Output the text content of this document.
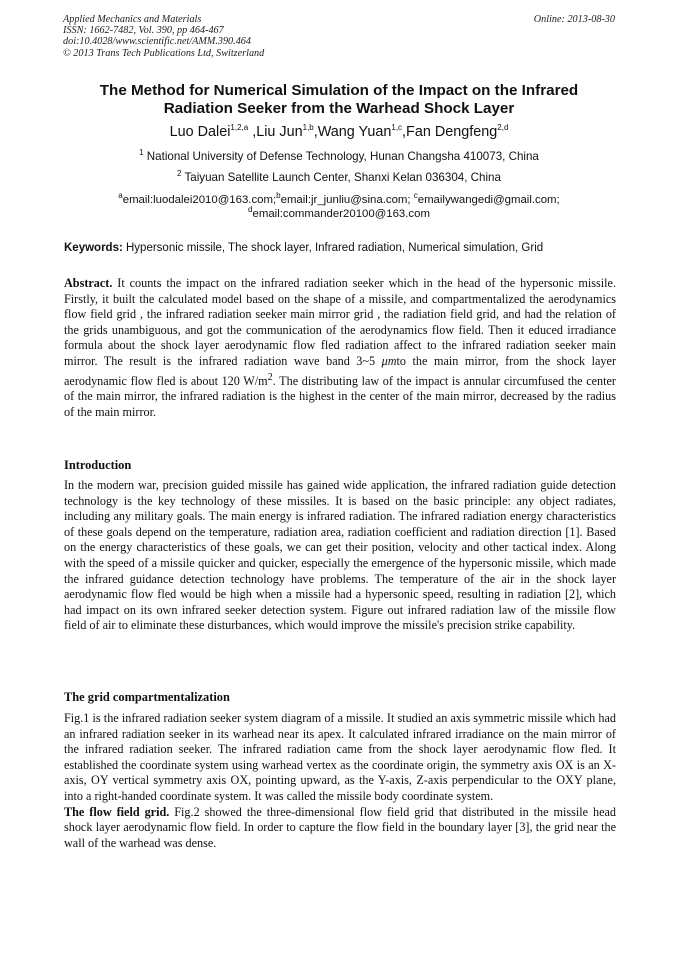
Applied Mechanics and Materials
ISSN: 1662-7482, Vol. 390, pp 464-467
doi:10.4028/www.scientific.net/AMM.390.464
© 2013 Trans Tech Publications Ltd, Switzerland
Online: 2013-08-30
The Method for Numerical Simulation of the Impact on the Infrared Radiation Seeker from the Warhead Shock Layer
Luo Dalei$^{1,2,a}$ ,Liu Jun$^{1,b}$,Wang Yuan$^{1,c}$,Fan Dengfeng$^{2,d}$
$^1$ National University of Defense Technology, Hunan Changsha 410073, China
$^2$ Taiyuan Satellite Launch Center, Shanxi Kelan 036304, China
$^a$email:luodalei2010@163.com;$^b$email:jr_junliu@sina.com; $^c$emailywangedi@gmail.com;
$^d$email:commander20100@163.com
Keywords: Hypersonic missile, The shock layer, Infrared radiation, Numerical simulation, Grid
Abstract. It counts the impact on the infrared radiation seeker which in the head of the hypersonic missile. Firstly, it built the calculated model based on the shape of a missile, and compartmentalized the aerodynamics flow field grid , the infrared radiation seeker main mirror grid , the radiation field grid, and had the relation of the grids unambiguous, and got the communication of the aerodynamics flow field. Then it educed irradiance formula about the shock layer aerodynamic flow fled radiation affect to the infrared radiation seeker main mirror. The result is the infrared radiation wave band 3~5 μmto the main mirror, from the shock layer aerodynamic flow fled is about 120 $W/m^2$. The distributing law of the impact is annular circumfused the center of the main mirror, the infrared radiation is the highest in the center of the main mirror, decreased by the radius of the main mirror.
Introduction
In the modern war, precision guided missile has gained wide application, the infrared radiation guide detection technology is the key technology of these missiles. It is based on the basic principle: any object radiates, including any military goals. The main energy is infrared radiation. The infrared radiation energy characteristics of these goals depend on the temperature, radiation area, radiation coefficient and radiation direction [1]. Based on the energy characteristics of these goals, we can get their position, velocity and other tactical index. Along with the speed of a missile quicker and quicker, especially the emergence of the hypersonic missile, which made the infrared guidance detection technology have problems. The temperature of the air in the shock layer aerodynamic flow fled would be high when a missile had a hypersonic speed, resulting in radiation [2], which had impact on its own infrared seeker detection system. Figure out infrared radiation law of the missile flow field of air to eliminate these disturbances, which would improve the missile's precision strike capability.
The grid compartmentalization
Fig.1 is the infrared radiation seeker system diagram of a missile. It studied an axis symmetric missile which had an infrared radiation seeker in its warhead near its apex. It calculated infrared irradiance on the main mirror of the infrared radiation seeker. The infrared radiation came from the shock layer aerodynamic flow fled. It established the coordinate system using warhead vertex as the coordinate origin, the symmetry axis OX is an X-axis, OY vertical symmetry axis OX, pointing upward, as the Y-axis, Z-axis perpendicular to the OXY plane, into a right-handed coordinate system. It was called the missile body coordinate system.
The flow field grid. Fig.2 showed the three-dimensional flow field grid that distributed in the missile head shock layer aerodynamic flow field. In order to capture the flow field in the boundary layer [3], the grid near the wall of the warhead was dense.
